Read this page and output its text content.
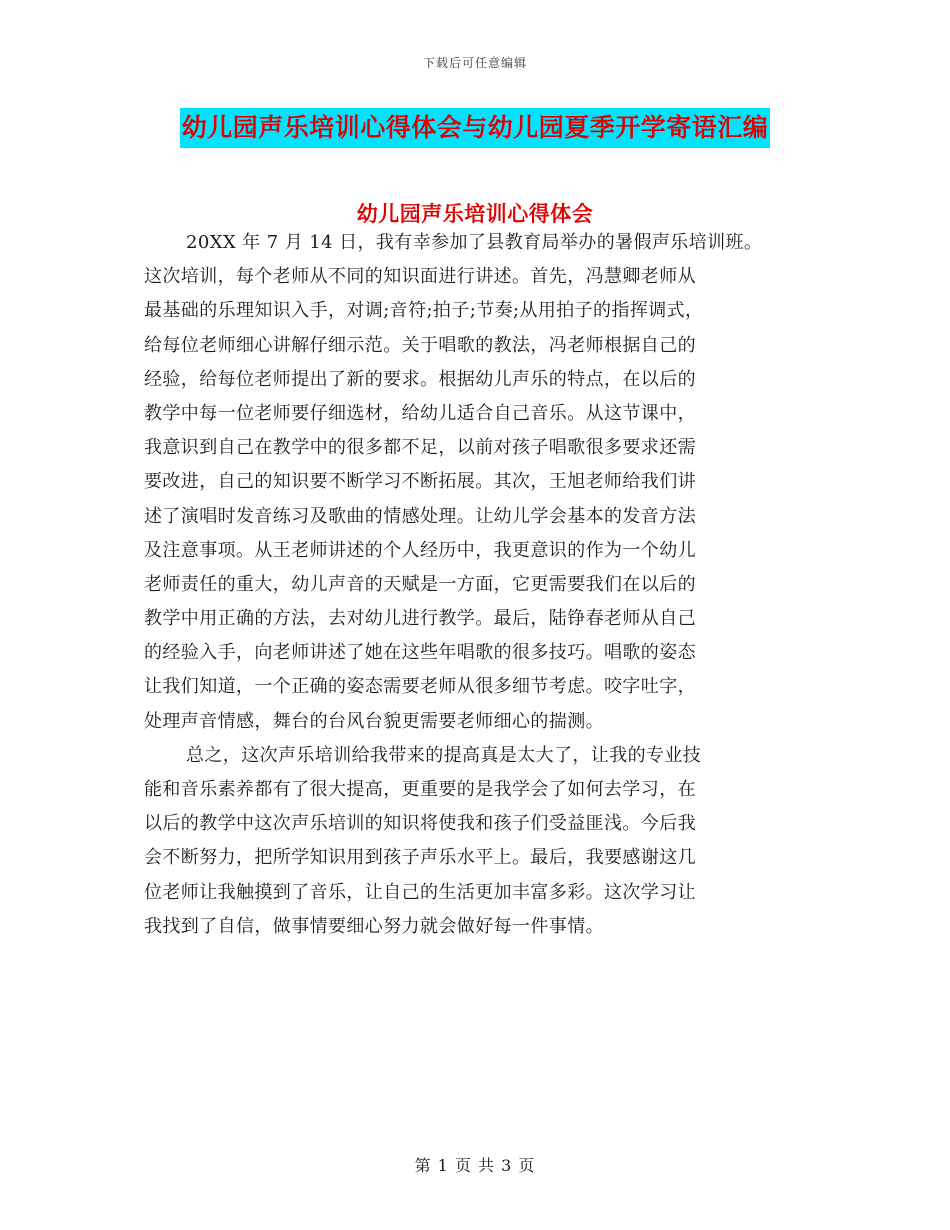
下载后可任意编辑
幼儿园声乐培训心得体会与幼儿园夏季开学寄语汇编
幼儿园声乐培训心得体会
20XX 年 7 月 14 日，我有幸参加了县教育局举办的暑假声乐培训班。
这次培训，每个老师从不同的知识面进行讲述。首先，冯慧卿老师从
最基础的乐理知识入手，对调;音符;拍子;节奏;从用拍子的指挥调式，
给每位老师细心讲解仔细示范。关于唱歌的教法，冯老师根据自己的
经验，给每位老师提出了新的要求。根据幼儿声乐的特点，在以后的
教学中每一位老师要仔细选材，给幼儿适合自己音乐。从这节课中，
我意识到自己在教学中的很多都不足，以前对孩子唱歌很多要求还需
要改进，自己的知识要不断学习不断拓展。其次，王旭老师给我们讲
述了演唱时发音练习及歌曲的情感处理。让幼儿学会基本的发音方法
及注意事项。从王老师讲述的个人经历中，我更意识的作为一个幼儿
老师责任的重大，幼儿声音的天赋是一方面，它更需要我们在以后的
教学中用正确的方法，去对幼儿进行教学。最后，陆铮春老师从自己
的经验入手，向老师讲述了她在这些年唱歌的很多技巧。唱歌的姿态
让我们知道，一个正确的姿态需要老师从很多细节考虑。咬字吐字，
处理声音情感，舞台的台风台貌更需要老师细心的揣测。
总之，这次声乐培训给我带来的提高真是太大了，让我的专业技
能和音乐素养都有了很大提高，更重要的是我学会了如何去学习，在
以后的教学中这次声乐培训的知识将使我和孩子们受益匪浅。今后我
会不断努力，把所学知识用到孩子声乐水平上。最后，我要感谢这几
位老师让我触摸到了音乐，让自己的生活更加丰富多彩。这次学习让
我找到了自信，做事情要细心努力就会做好每一件事情。
第 1 页 共 3 页
